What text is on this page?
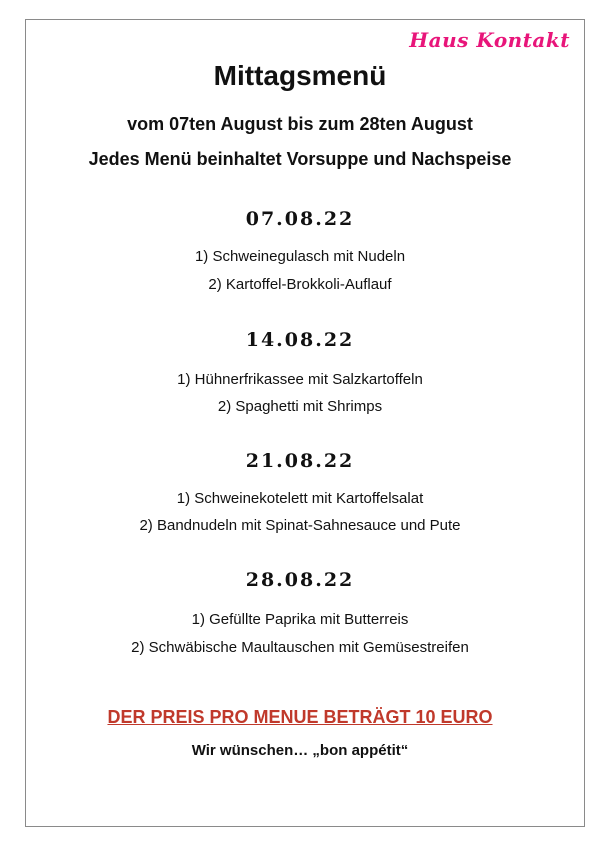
Haus Kontakt
Mittagsmenü
vom 07ten August bis zum 28ten August
Jedes Menü beinhaltet Vorsuppe und Nachspeise
07.08.22
1) Schweinegulasch mit Nudeln
2) Kartoffel-Brokkoli-Auflauf
14.08.22
1) Hühnerfrikassee mit Salzkartoffeln
2) Spaghetti mit Shrimps
21.08.22
1) Schweinekotelett mit Kartoffelsalat
2) Bandnudeln mit Spinat-Sahnesauce und Pute
28.08.22
1) Gefüllte Paprika mit Butterreis
2) Schwäbische Maultauschen mit Gemüsestreifen
DER PREIS PRO MENUE BETRÄGT 10 EURO
Wir wünschen… „bon appétit“
